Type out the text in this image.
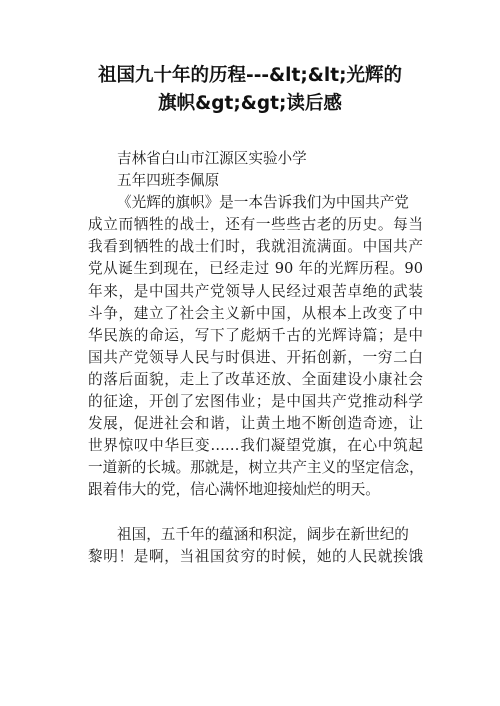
祖国九十年的历程---&lt;&lt;光辉的
旗帜&gt;&gt;读后感
吉林省白山市江源区实验小学
五年四班李佩原
《光辉的旗帜》是一本告诉我们为中国共产党
成立而牺牲的战士，还有一些些古老的历史。每当
我看到牺牲的战士们时，我就泪流满面。中国共产
党从诞生到现在，已经走过 90 年的光辉历程。90
年来，是中国共产党领导人民经过艰苦卓绝的武装
斗争，建立了社会主义新中国，从根本上改变了中
华民族的命运，写下了彪炳千古的光辉诗篇；是中
国共产党领导人民与时俱进、开拓创新，一穷二白
的落后面貌，走上了改革还放、全面建设小康社会
的征途，开创了宏图伟业；是中国共产党推动科学
发展，促进社会和谐，让黄土地不断创造奇迹，让
世界惊叹中华巨变……我们凝望党旗，在心中筑起
一道新的长城。那就是，树立共产主义的坚定信念，
跟着伟大的党，信心满怀地迎接灿烂的明天。
祖国，五千年的蕴涵和积淀，阔步在新世纪的
黎明！是啊，当祖国贫穷的时候，她的人民就挨饿
